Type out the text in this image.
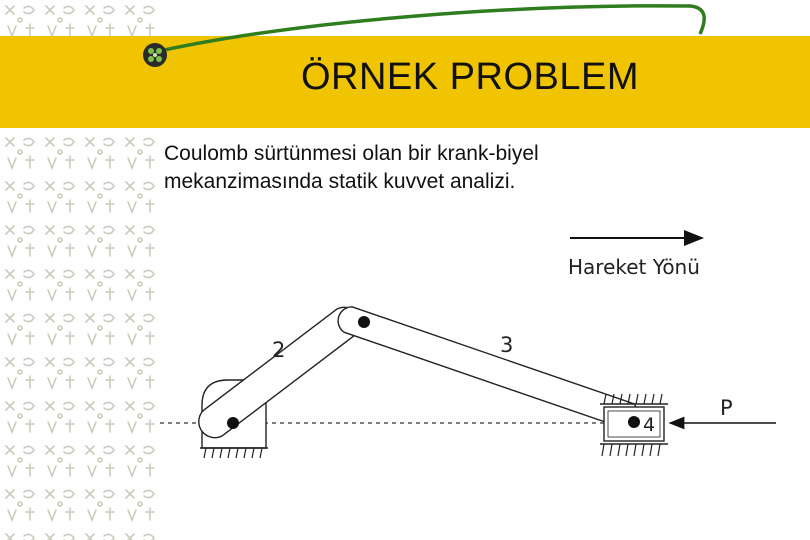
ÖRNEK PROBLEM
Coulomb sürtünmesi olan bir krank-biyel
mekanzimasında statik kuvvet analizi.
Hareket Yönü
2	3
4
P
